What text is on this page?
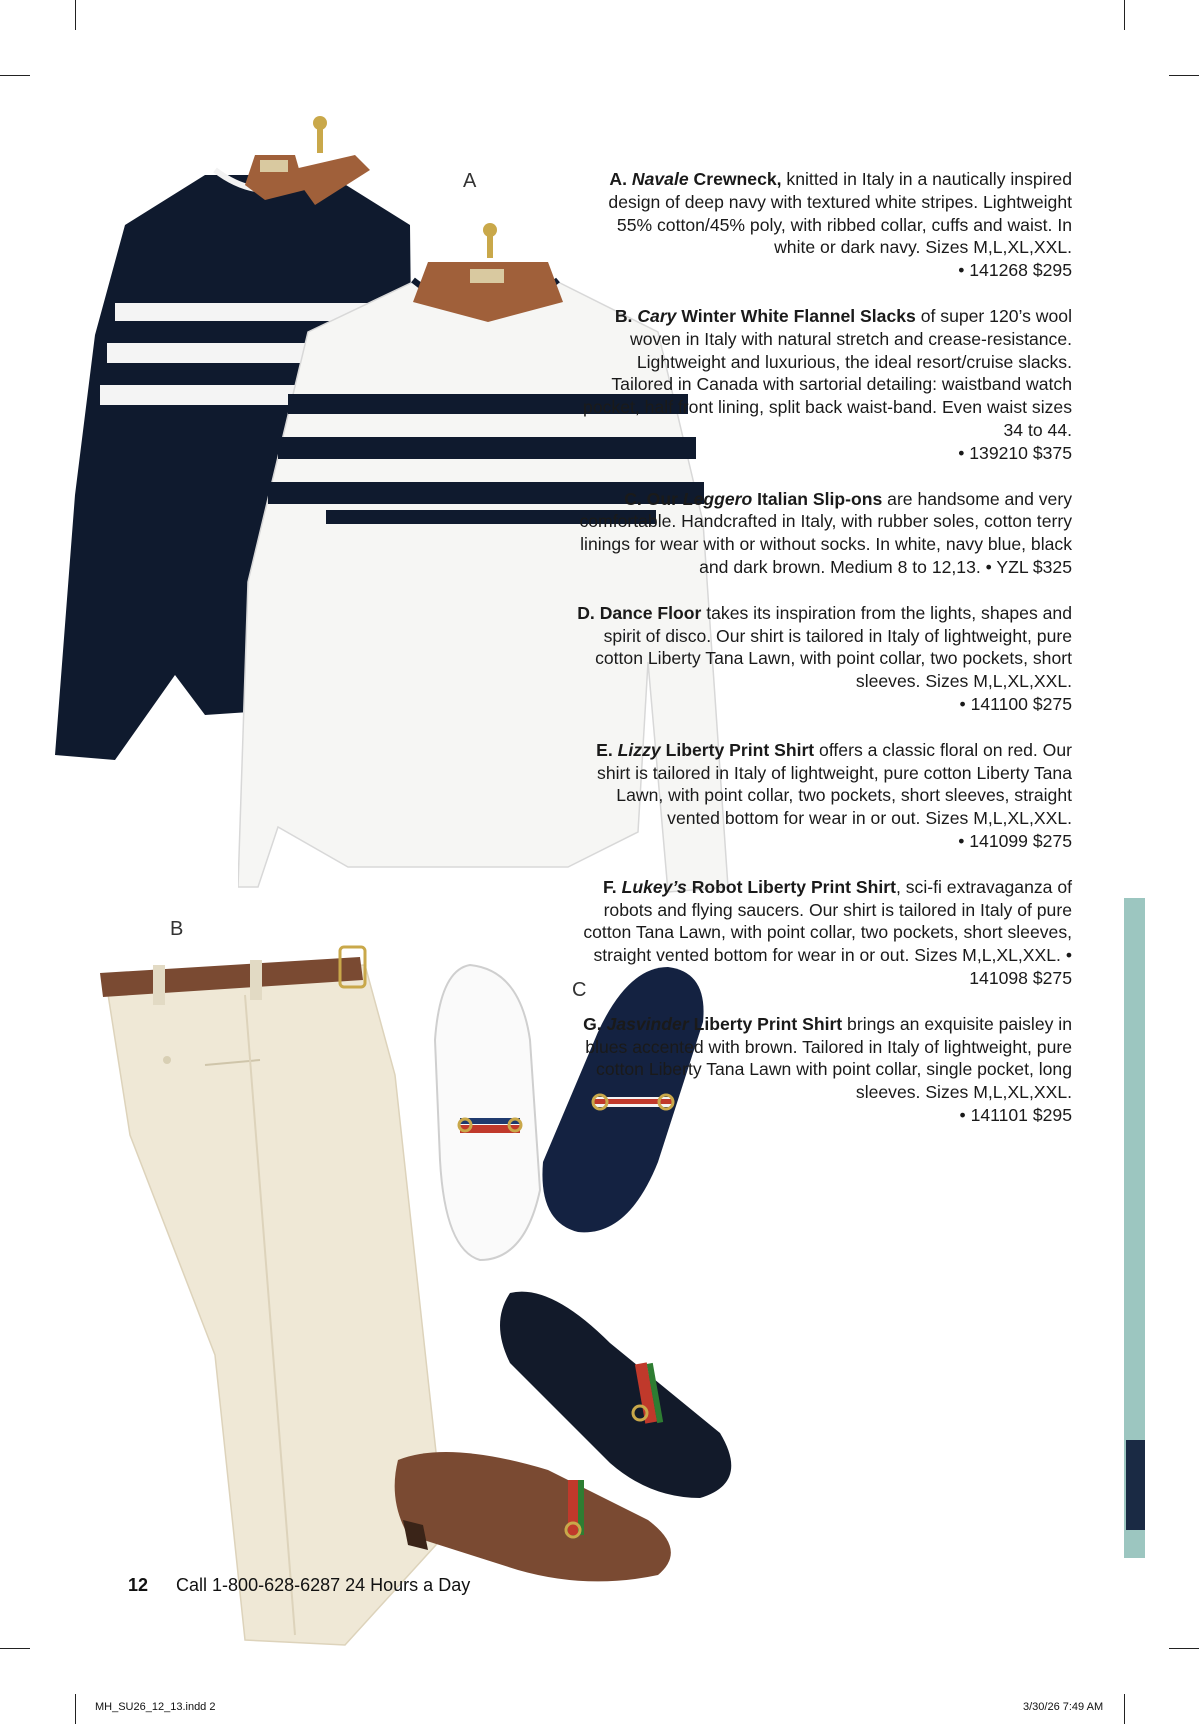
A
B
C

A. Navale Crewneck, knitted in Italy in a nautically inspired design of deep navy with textured white stripes. Lightweight 55% cotton/45% poly, with ribbed collar, cuffs and waist. In white or dark navy. Sizes M,L,XL,XXL.
• 141268 $295

B. Cary Winter White Flannel Slacks of super 120’s wool woven in Italy with natural stretch and crease-resistance. Lightweight and luxurious, the ideal resort/cruise slacks. Tailored in Canada with sartorial detailing: waistband watch pocket, half front lining, split back waist-band. Even waist sizes 34 to 44.
• 139210 $375

C. Our Leggero Italian Slip-ons are handsome and very comfortable. Handcrafted in Italy, with rubber soles, cotton terry linings for wear with or without socks. In white, navy blue, black and dark brown. Medium 8 to 12,13. • YZL $325

D. Dance Floor takes its inspiration from the lights, shapes and spirit of disco. Our shirt is tailored in Italy of lightweight, pure cotton Liberty Tana Lawn, with point collar, two pockets, short sleeves. Sizes M,L,XL,XXL.
• 141100 $275

E. Lizzy Liberty Print Shirt offers a classic floral on red. Our shirt is tailored in Italy of lightweight, pure cotton Liberty Tana Lawn, with point collar, two pockets, short sleeves, straight vented bottom for wear in or out. Sizes M,L,XL,XXL.
• 141099 $275

F. Lukey’s Robot Liberty Print Shirt, sci-fi extravaganza of robots and flying saucers. Our shirt is tailored in Italy of pure cotton Tana Lawn, with point collar, two pockets, short sleeves, straight vented bottom for wear in or out. Sizes M,L,XL,XXL. • 141098 $275

G. Jasvinder Liberty Print Shirt brings an exquisite paisley in blues accented with brown. Tailored in Italy of lightweight, pure cotton Liberty Tana Lawn with point collar, single pocket, long sleeves. Sizes M,L,XL,XXL.
• 141101 $295

12 Call 1-800-628-6287 24 Hours a Day
MH_SU26_12_13.indd 2	3/30/26 7:49 AM
